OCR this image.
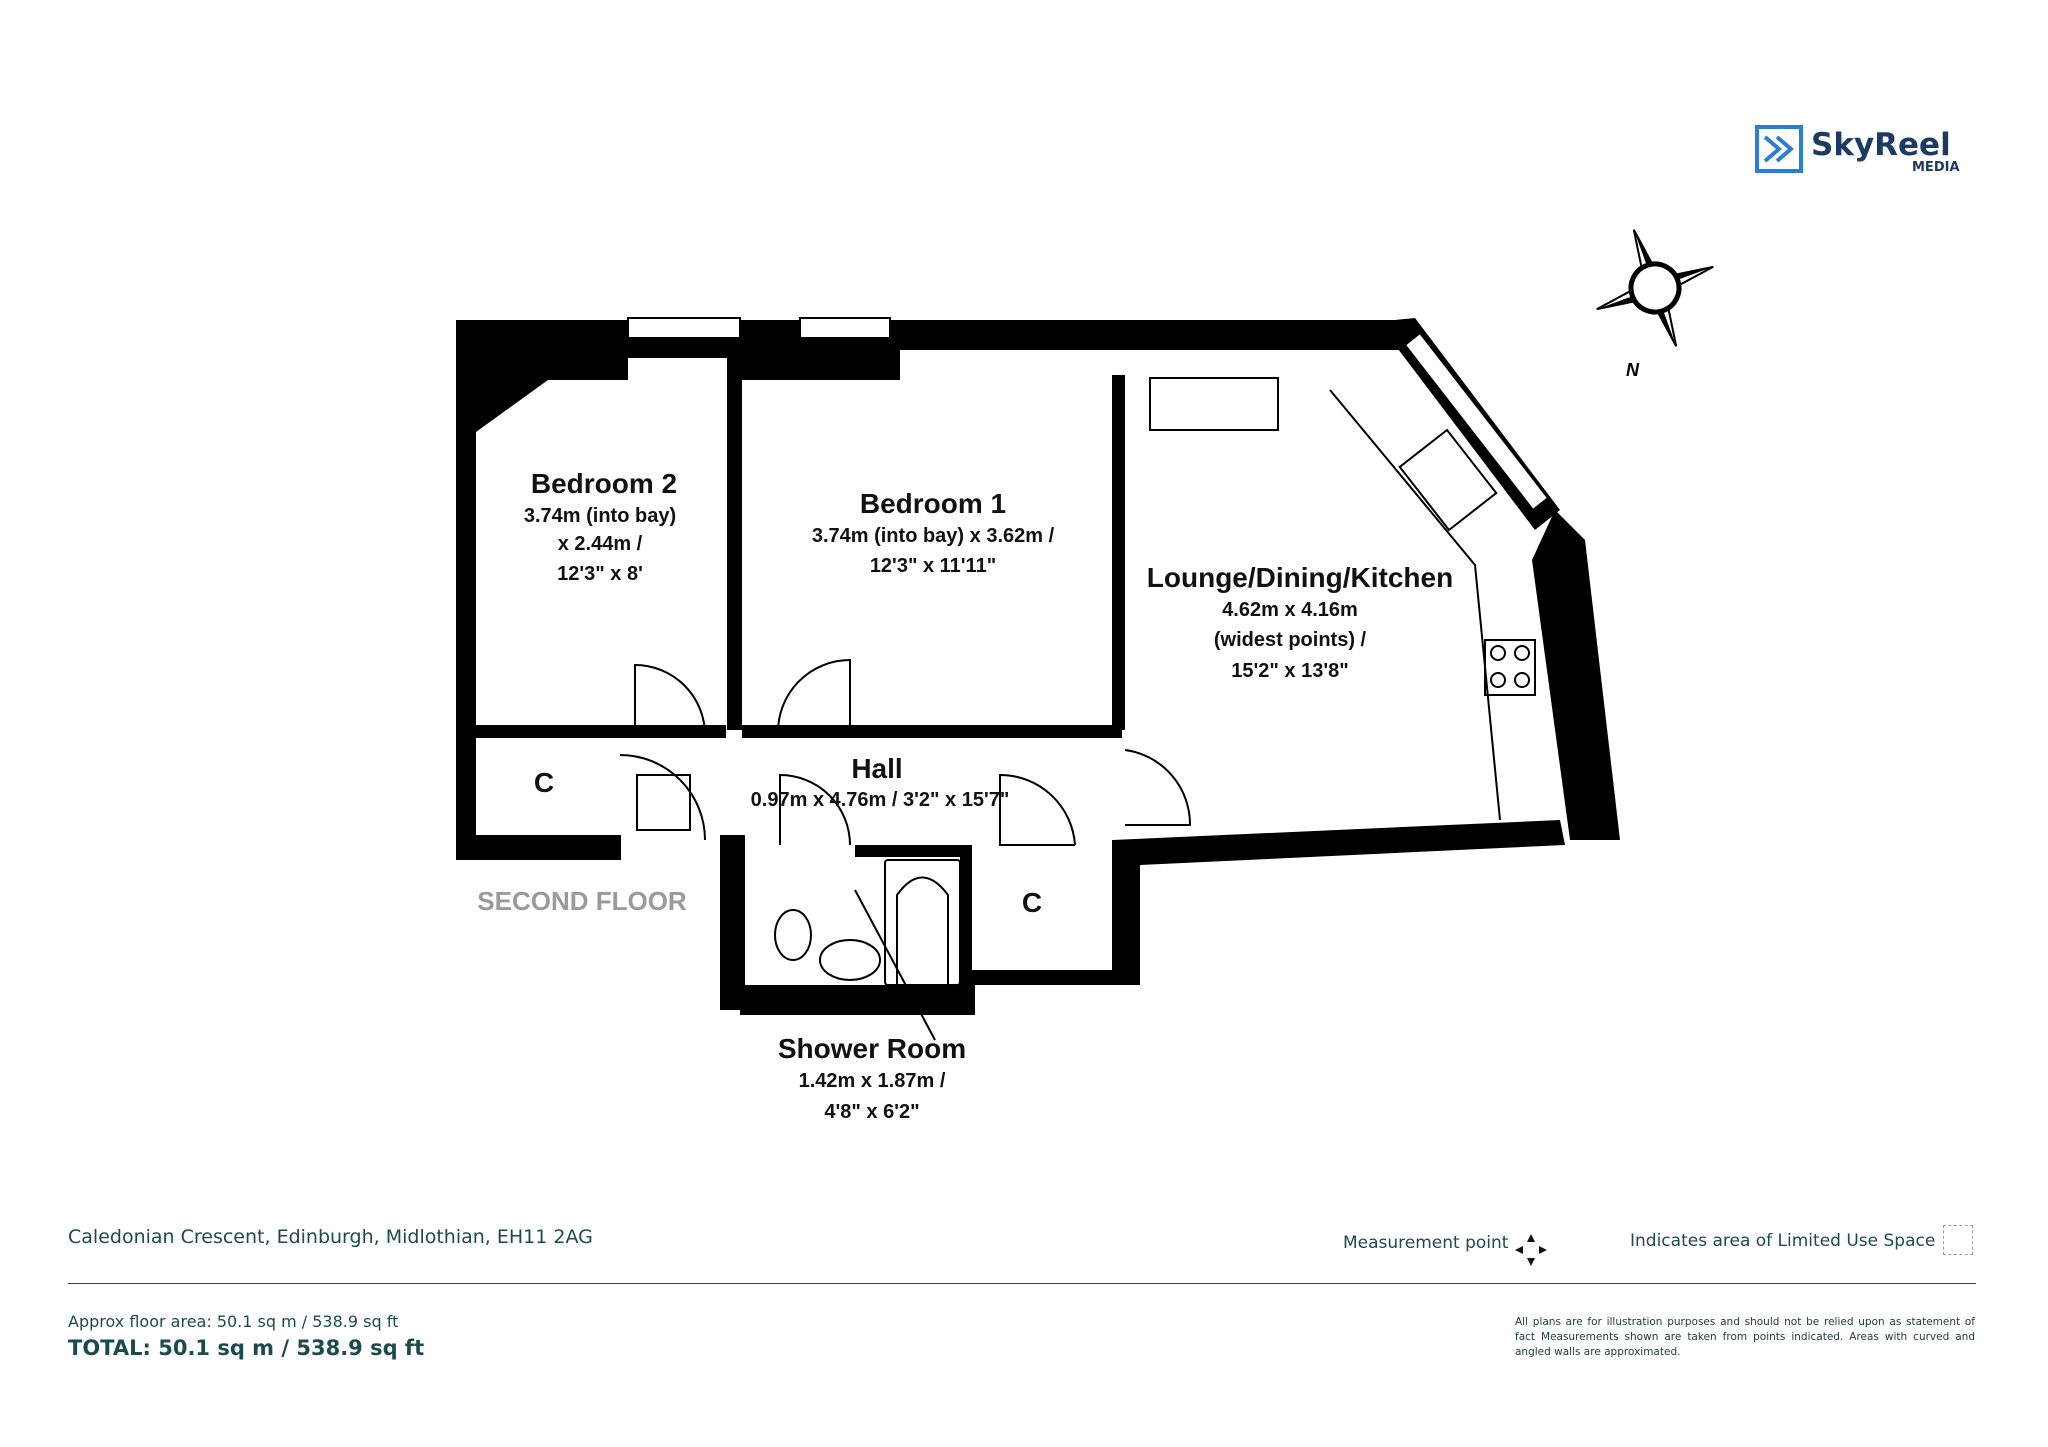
SkyReel
MEDIA
N
Bedroom 2
3.74m (into bay)
x 2.44m /
12'3" x 8'
Bedroom 1
3.74m (into bay) x 3.62m /
12'3" x 11'11"	Lounge/Dining/Kitchen
4.62m x 4.16m
(widest points) /
15'2" x 13'8"
Hall
0.97m x 4.76m / 3'2" x 15'7"
Shower Room
1.42m x 1.87m /
4'8" x 6'2"
C
C
SECOND FLOOR
Caledonian Crescent, Edinburgh, Midlothian, EH11 2AG	Measurement point	Indicates area of Limited Use Space
Approx floor area: 50.1 sq m / 538.9 sq ft
TOTAL: 50.1 sq m / 538.9 sq ft
All plans are for illustration purposes and should not be relied upon as statement of fact Measurements shown are taken from points indicated. Areas with curved and angled walls are approximated.
